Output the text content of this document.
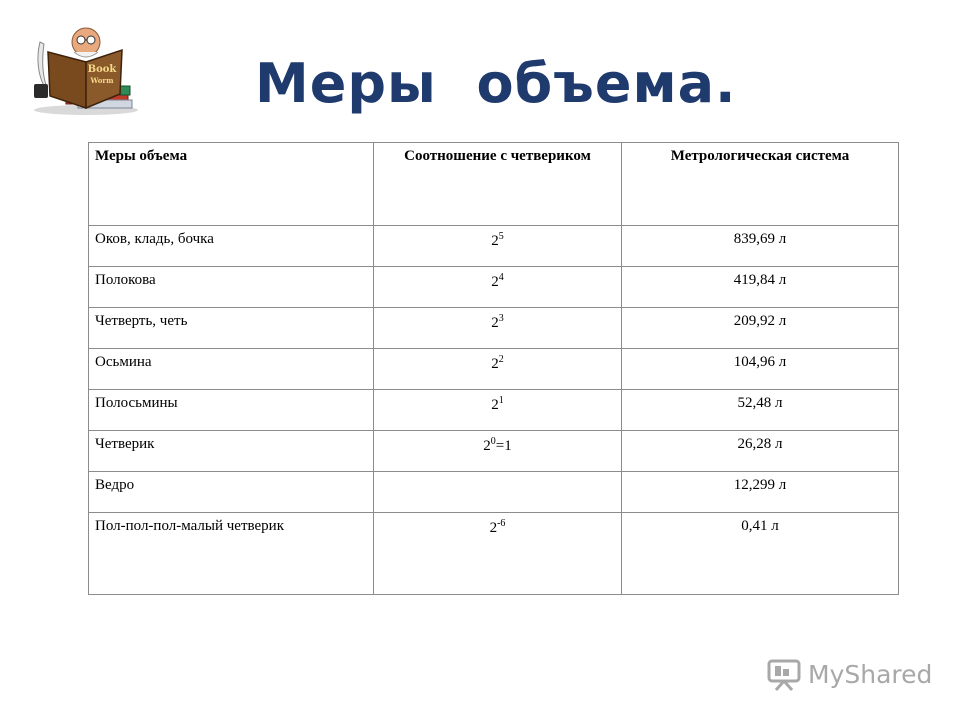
Book
Worm	Меры  объема.
Меры объема	Соотношение с четвериком	Метрологическая система
Оков, кладь, бочка	$2^5$	839,69 л
Полокова	$2^4$	419,84 л
Четверть, четь	$2^3$	209,92 л
Осьмина	$2^2$	104,96 л
Полосьмины	$2^1$	52,48 л
Четверик	$2^0=1$	26,28 л
Ведро		12,299 л
Пол-пол-пол-малый четверик	$2^{-6}$	0,41 л
MyShared
